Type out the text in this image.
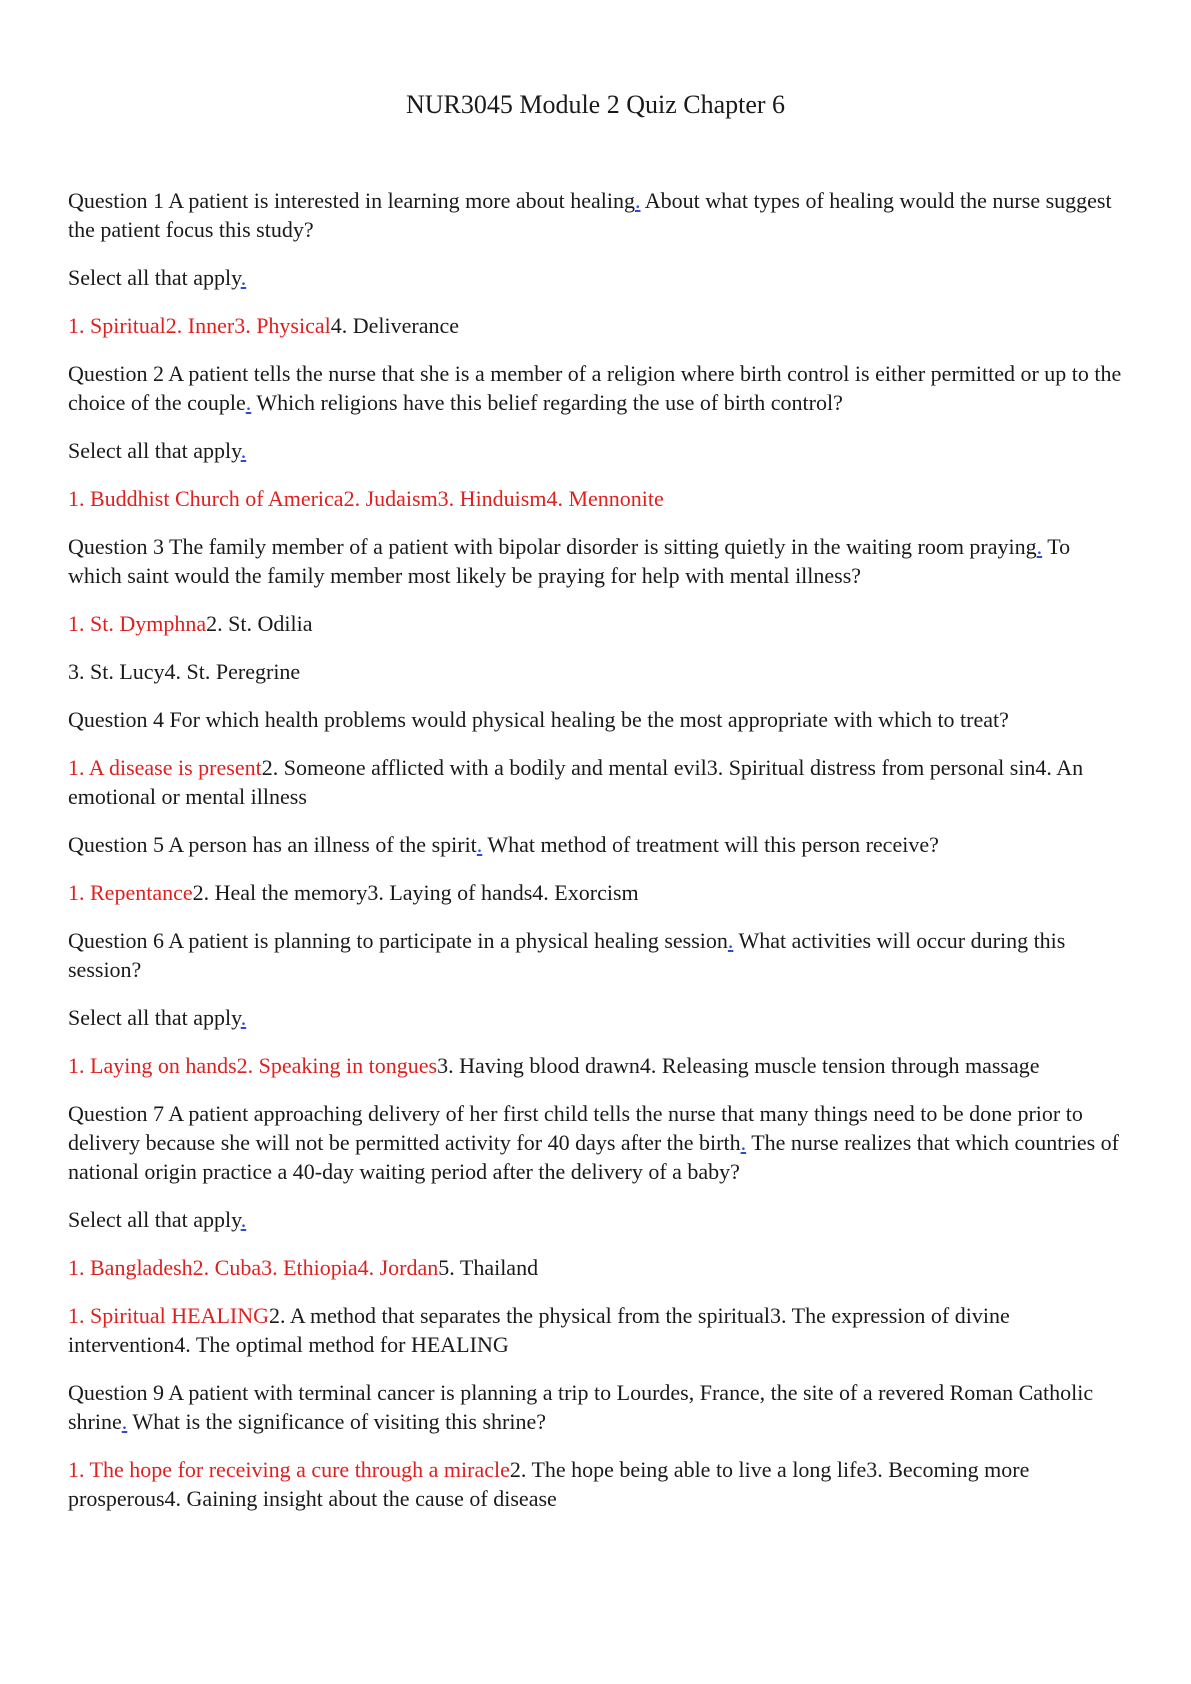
NUR3045 Module 2 Quiz Chapter 6

Question 1 A patient is interested in learning more about healing. About what types of healing would the nurse suggest the patient focus this study?

Select all that apply.

1. Spiritual2. Inner3. Physical4. Deliverance

Question 2 A patient tells the nurse that she is a member of a religion where birth control is either permitted or up to the choice of the couple. Which religions have this belief regarding the use of birth control?

Select all that apply.

1. Buddhist Church of America2. Judaism3. Hinduism4. Mennonite

Question 3 The family member of a patient with bipolar disorder is sitting quietly in the waiting room praying. To which saint would the family member most likely be praying for help with mental illness?

1. St. Dymphna2. St. Odilia

3. St. Lucy4. St. Peregrine

Question 4 For which health problems would physical healing be the most appropriate with which to treat?

1. A disease is present2. Someone afflicted with a bodily and mental evil3. Spiritual distress from personal sin4. An emotional or mental illness

Question 5 A person has an illness of the spirit. What method of treatment will this person receive?

1. Repentance2. Heal the memory3. Laying of hands4. Exorcism

Question 6 A patient is planning to participate in a physical healing session. What activities will occur during this session?

Select all that apply.

1. Laying on hands2. Speaking in tongues3. Having blood drawn4. Releasing muscle tension through massage

Question 7 A patient approaching delivery of her first child tells the nurse that many things need to be done prior to delivery because she will not be permitted activity for 40 days after the birth. The nurse realizes that which countries of national origin practice a 40-day waiting period after the delivery of a baby?

Select all that apply.

1. Bangladesh2. Cuba3. Ethiopia4. Jordan5. Thailand

1. Spiritual HEALING2. A method that separates the physical from the spiritual3. The expression of divine intervention4. The optimal method for HEALING

Question 9 A patient with terminal cancer is planning a trip to Lourdes, France, the site of a revered Roman Catholic shrine. What is the significance of visiting this shrine?

1. The hope for receiving a cure through a miracle2. The hope being able to live a long life3. Becoming more prosperous4. Gaining insight about the cause of disease
